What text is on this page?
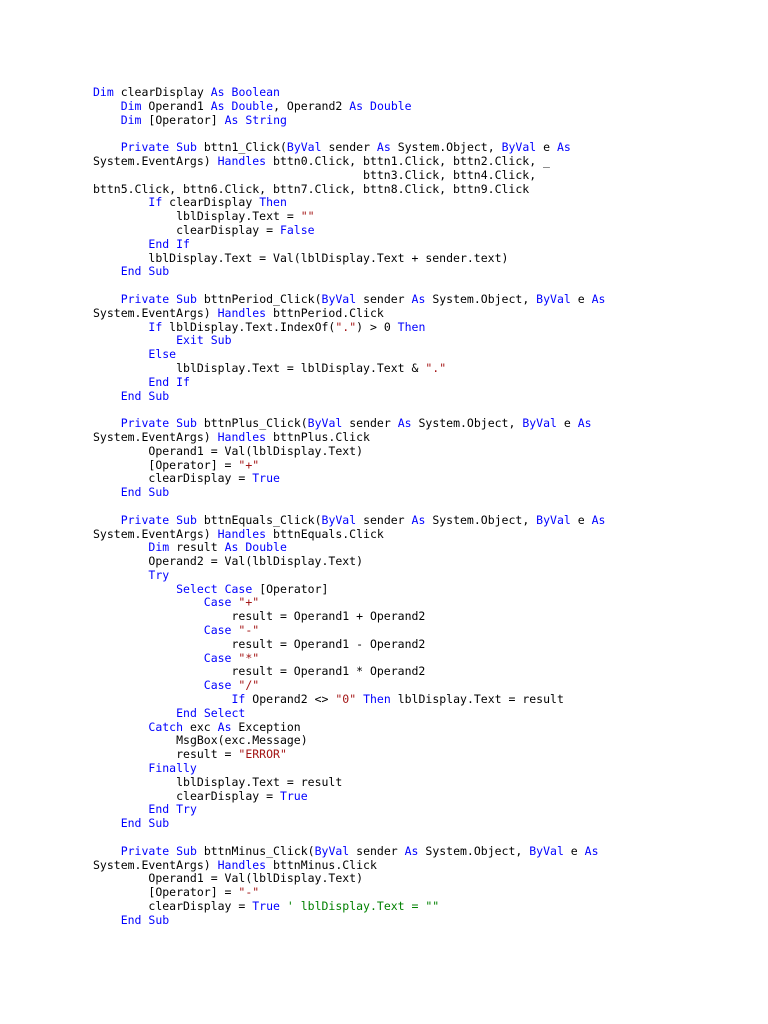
Dim clearDisplay As Boolean
Dim Operand1 As Double, Operand2 As Double
Dim [Operator] As String
Private Sub bttn1_Click(ByVal sender As System.Object, ByVal e As
System.EventArgs) Handles bttn0.Click, bttn1.Click, bttn2.Click, _
bttn3.Click, bttn4.Click,
bttn5.Click, bttn6.Click, bttn7.Click, bttn8.Click, bttn9.Click
If clearDisplay Then
lblDisplay.Text = ""
clearDisplay = False
End If
lblDisplay.Text = Val(lblDisplay.Text + sender.text)
End Sub
Private Sub bttnPeriod_Click(ByVal sender As System.Object, ByVal e As
System.EventArgs) Handles bttnPeriod.Click
If lblDisplay.Text.IndexOf(".") > 0 Then
Exit Sub
Else
lblDisplay.Text = lblDisplay.Text & "."
End If
End Sub
Private Sub bttnPlus_Click(ByVal sender As System.Object, ByVal e As
System.EventArgs) Handles bttnPlus.Click
Operand1 = Val(lblDisplay.Text)
[Operator] = "+"
clearDisplay = True
End Sub
Private Sub bttnEquals_Click(ByVal sender As System.Object, ByVal e As
System.EventArgs) Handles bttnEquals.Click
Dim result As Double
Operand2 = Val(lblDisplay.Text)
Try
Select Case [Operator]
Case "+"
result = Operand1 + Operand2
Case "-"
result = Operand1 - Operand2
Case "*"
result = Operand1 * Operand2
Case "/"
If Operand2 <> "0" Then lblDisplay.Text = result
End Select
Catch exc As Exception
MsgBox(exc.Message)
result = "ERROR"
Finally
lblDisplay.Text = result
clearDisplay = True
End Try
End Sub
Private Sub bttnMinus_Click(ByVal sender As System.Object, ByVal e As
System.EventArgs) Handles bttnMinus.Click
Operand1 = Val(lblDisplay.Text)
[Operator] = "-"
clearDisplay = True ' lblDisplay.Text = ""
End Sub
